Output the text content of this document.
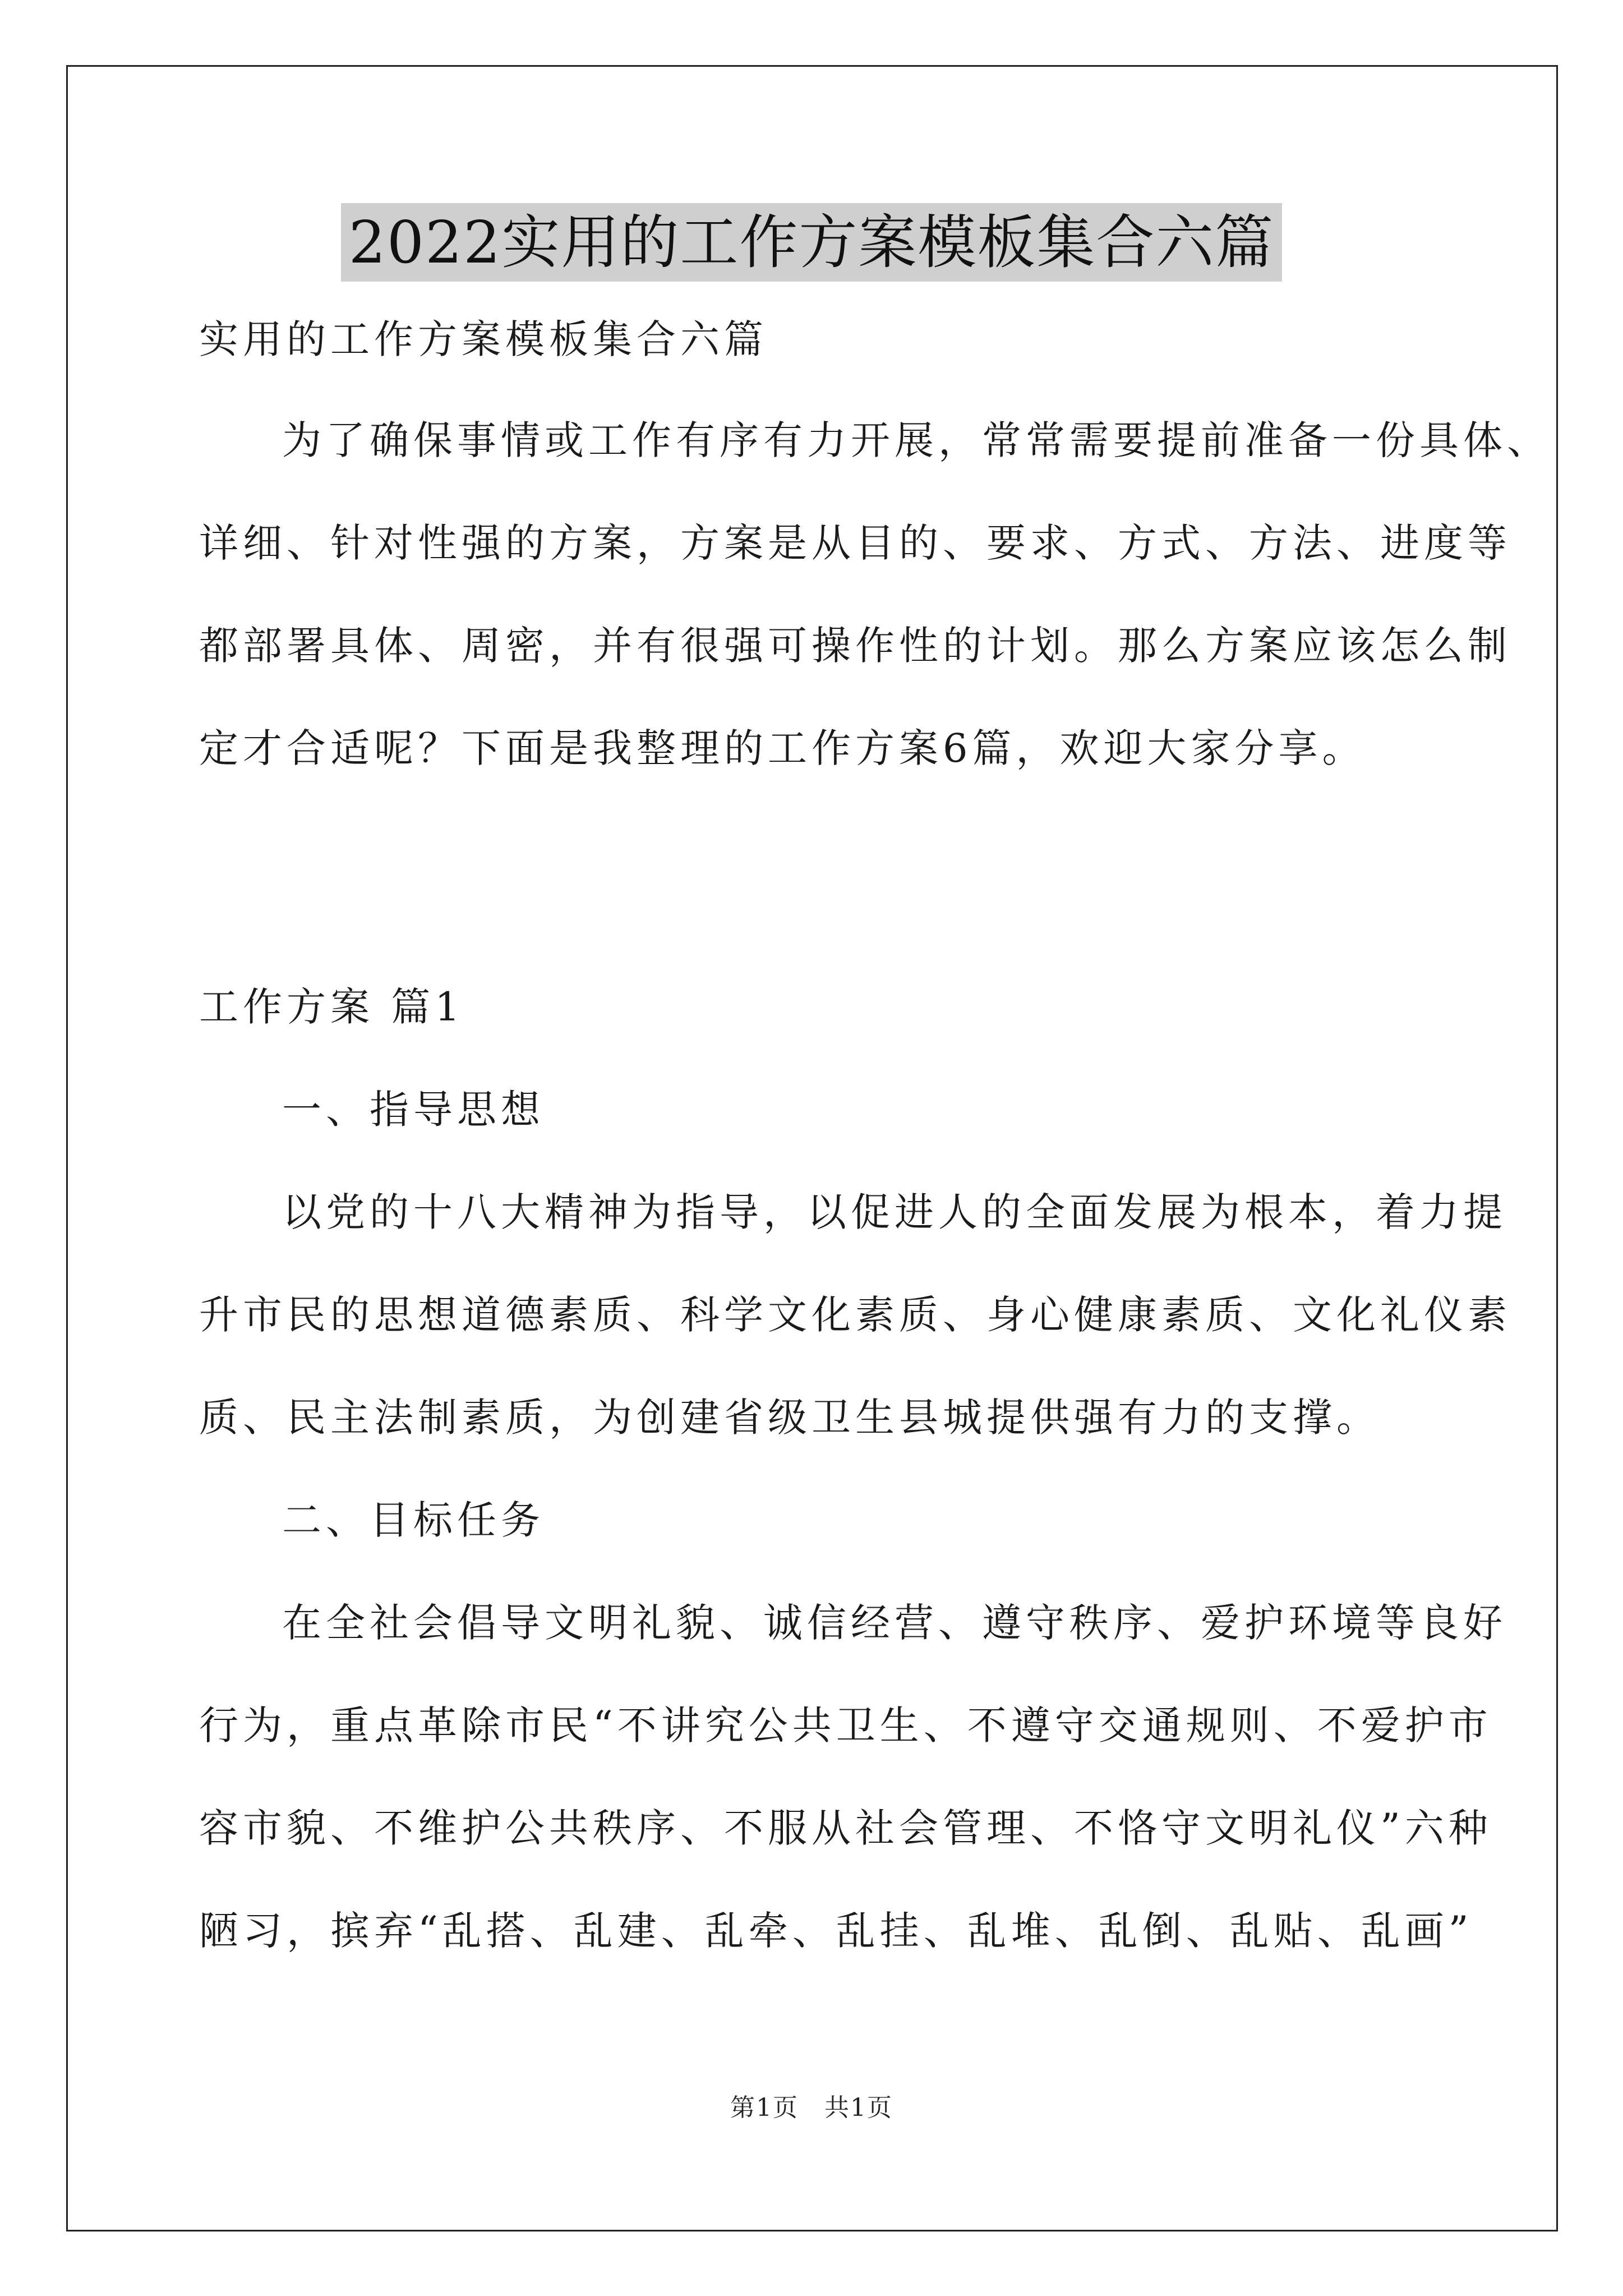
2022实用的工作方案模板集合六篇
实用的工作方案模板集合六篇
为了确保事情或工作有序有力开展，常常需要提前准备一份具体、
详细、针对性强的方案，方案是从目的、要求、方式、方法、进度等
都部署具体、周密，并有很强可操作性的计划。那么方案应该怎么制
定才合适呢？下面是我整理的工作方案6篇，欢迎大家分享。
工作方案 篇1
一、指导思想
以党的十八大精神为指导，以促进人的全面发展为根本，着力提
升市民的思想道德素质、科学文化素质、身心健康素质、文化礼仪素
质、民主法制素质，为创建省级卫生县城提供强有力的支撑。
二、目标任务
在全社会倡导文明礼貌、诚信经营、遵守秩序、爱护环境等良好
行为，重点革除市民“不讲究公共卫生、不遵守交通规则、不爱护市
容市貌、不维护公共秩序、不服从社会管理、不恪守文明礼仪”六种
陋习，摈弃“乱搭、乱建、乱牵、乱挂、乱堆、乱倒、乱贴、乱画”
第1页　共1页
